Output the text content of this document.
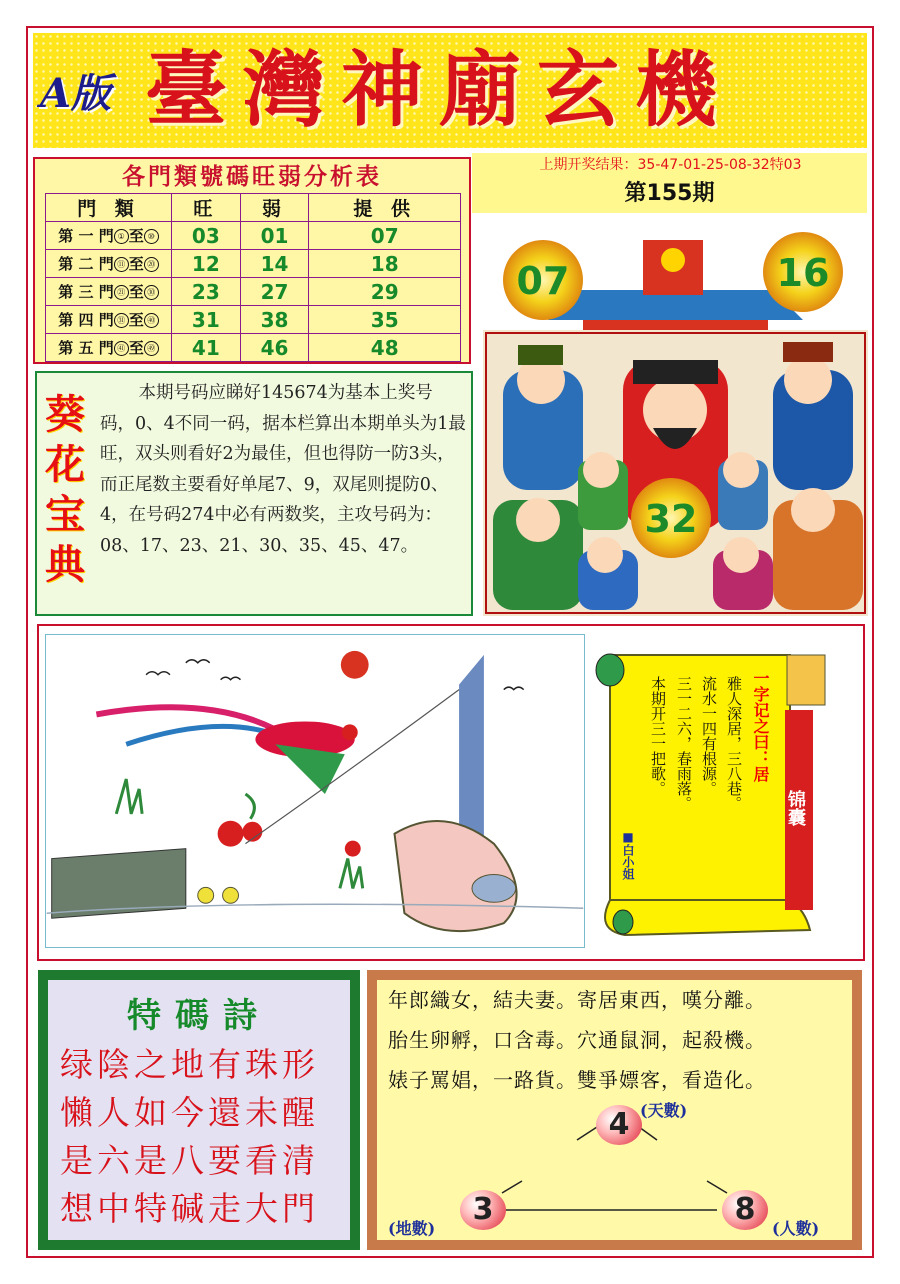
A版 臺灣神廟玄機
各門類號碼旺弱分析表
門 類	旺	弱	提 供
第 一 門 ① 至 ⑩	03	01	07
第 二 門 ⑪ 至 ⑳	12	14	18
第 三 門 ㉑ 至 ㉚	23	27	29
第 四 門 ㉛ 至 ㊵	31	38	35
第 五 門 ㊶ 至 ㊾	41	46	48
上期开奖结果：35-47-01-25-08-32特03
第155期
07	16
32
葵花宝典
本期号码应睇好145674为基本上奖号码，0、4不同一码，据本栏算出本期单头为1最旺，双头则看好2为最佳，但也得防一防3头，而正尾数主要看好单尾7、9，双尾则提防0、4，在号码274中必有两数奖，主攻号码为：08、17、23、21、30、35、45、47。
一字记之曰：居
雅人深居，三八巷。
流水一四有根源。
三一二六，春雨落。
本期开三一把歌。
■白小姐
赢钱
锦囊
特碼詩
绿陰之地有珠形
懶人如今還未醒
是六是八要看清
想中特碱走大門
年郎織女，結夫妻。寄居東西，嘆分離。
胎生卵孵，口含毒。穴通鼠洞，起殺機。
婊子罵娼，一路貨。雙爭嫖客，看造化。
4 (天數)
3
(地數)
8
(人數)
